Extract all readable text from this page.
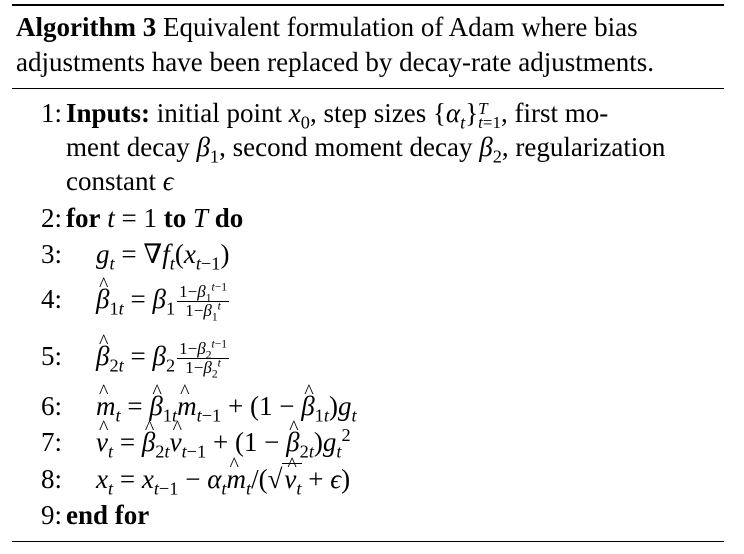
Algorithm 3 Equivalent formulation of Adam where bias adjustments have been replaced by decay-rate adjustments.
1: Inputs: initial point $x_0$, step sizes $\{\alpha_t\}$ T
t=1 , first mo-
ment decay $\beta_1$, second moment decay $\beta_2$, regularization
constant ϵ
2: for t = 1 to T do
3: $g_t = \nabla f_t(x_{t-1})$
4: ^ $\beta_{1t} = \beta_1 \frac{1-\beta_1^{t-1}}{1-\beta_1^t}$
5: ^ $\beta_{2t} = \beta_2 \frac{1-\beta_2^{t-1}}{1-\beta_2^t}$
6: ^ $m_t$ = ^ $\beta_{1t}\^{}$ $m_{t-1} + (1$ − ^ $\beta_{1t})g_t$
7: ^ $v_t$ = ^ $\beta_{2t}\^{}$ $v_{t-1} + (1$ − ^ $\beta_{2t})g_t^2$
8: $x_t = x_{t-1}$ − $\alpha_t\^{}$ $m_t/(√\^{}$ $v_t + \epsilon$)
9: end for
